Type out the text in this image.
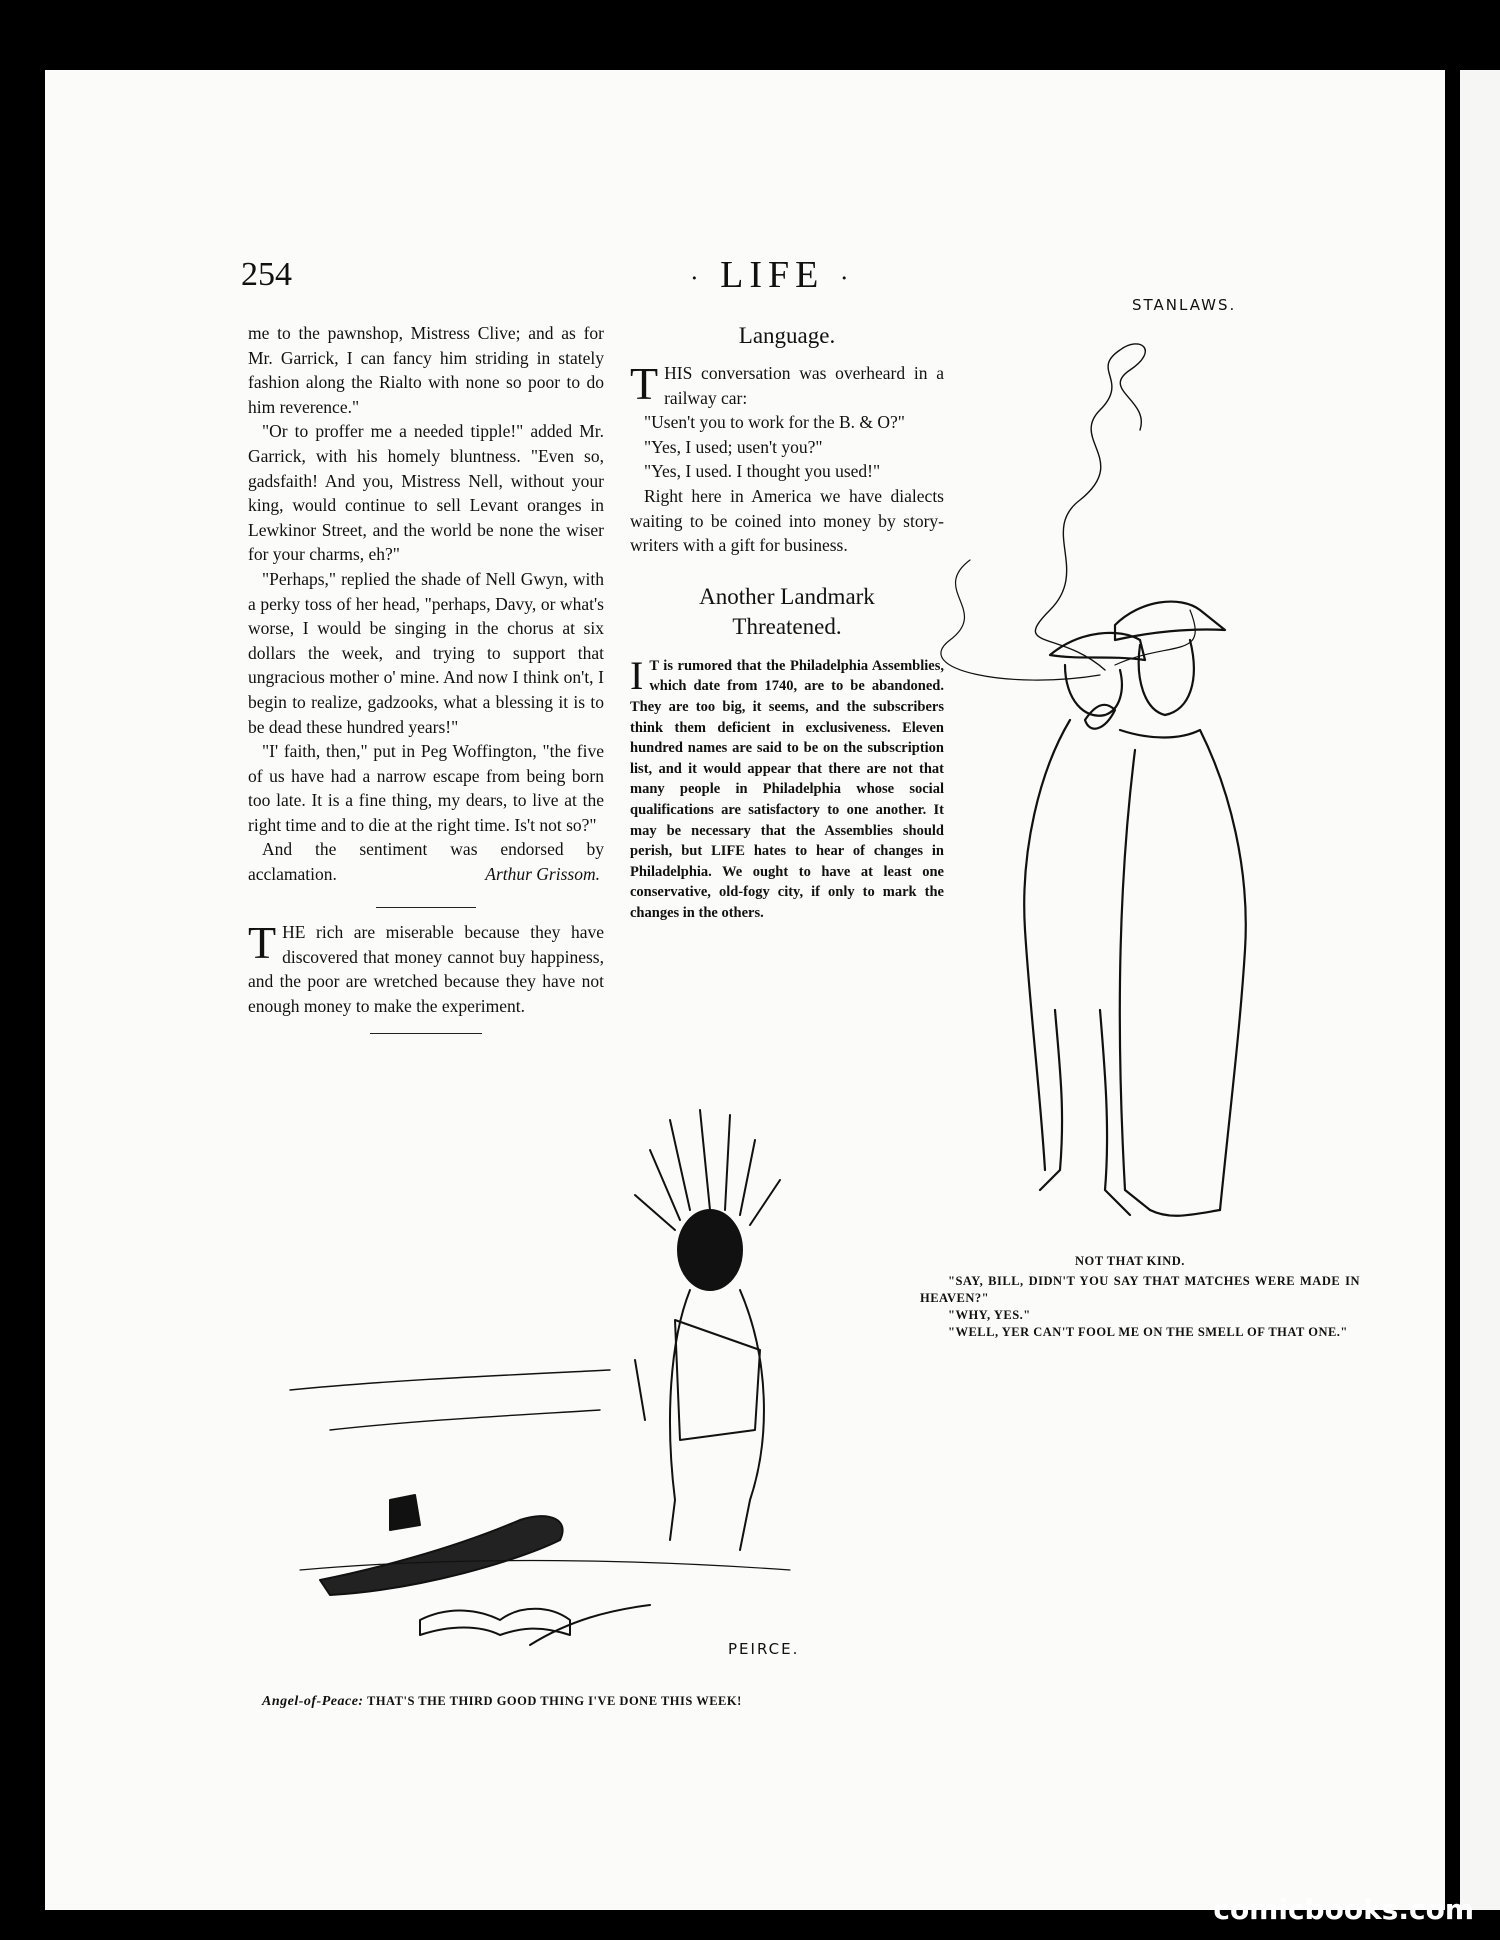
254	· LIFE ·

me to the pawnshop, Mistress Clive; and as for Mr. Garrick, I can fancy him striding in stately fashion along the Rialto with none so poor to do him reverence."

"Or to proffer me a needed tipple!" added Mr. Garrick, with his homely bluntness. "Even so, gadsfaith! And you, Mistress Nell, without your king, would continue to sell Levant oranges in Lewkinor Street, and the world be none the wiser for your charms, eh?"

"Perhaps," replied the shade of Nell Gwyn, with a perky toss of her head, "perhaps, Davy, or what's worse, I would be singing in the chorus at six dollars the week, and trying to support that ungracious mother o' mine. And now I think on't, I begin to realize, gadzooks, what a blessing it is to be dead these hundred years!"

"I' faith, then," put in Peg Woffington, "the five of us have had a narrow escape from being born too late. It is a fine thing, my dears, to live at the right time and to die at the right time. Is't not so?"

And the sentiment was endorsed by acclamation.	Arthur Grissom.

THE rich are miserable because they have discovered that money cannot buy happiness, and the poor are wretched because they have not enough money to make the experiment.

Language.

THIS conversation was overheard in a railway car:

"Usen't you to work for the B. & O?"

"Yes, I used; usen't you?"

"Yes, I used. I thought you used!"

Right here in America we have dialects waiting to be coined into money by story-writers with a gift for business.

Another Landmark
Threatened.

I T is rumored that the Philadelphia Assemblies, which date from 1740, are to be abandoned. They are too big, it seems, and the subscribers think them deficient in exclusiveness. Eleven hundred names are said to be on the subscription list, and it would appear that there are not that many people in Philadelphia whose social qualifications are satisfactory to one another. It may be necessary that the Assemblies should perish, but LIFE hates to hear of changes in Philadelphia. We ought to have at least one conservative, old-fogy city, if only to mark the changes in the others.

STANLAWS.
NOT THAT KIND.
"SAY, BILL, DIDN'T YOU SAY THAT MATCHES WERE MADE IN HEAVEN?"
"WHY, YES."
"WELL, YER CAN'T FOOL ME ON THE SMELL OF THAT ONE."
PEIRCE.
Angel-of-Peace: THAT'S THE THIRD GOOD THING I'VE DONE THIS WEEK!
comicbooks.com
